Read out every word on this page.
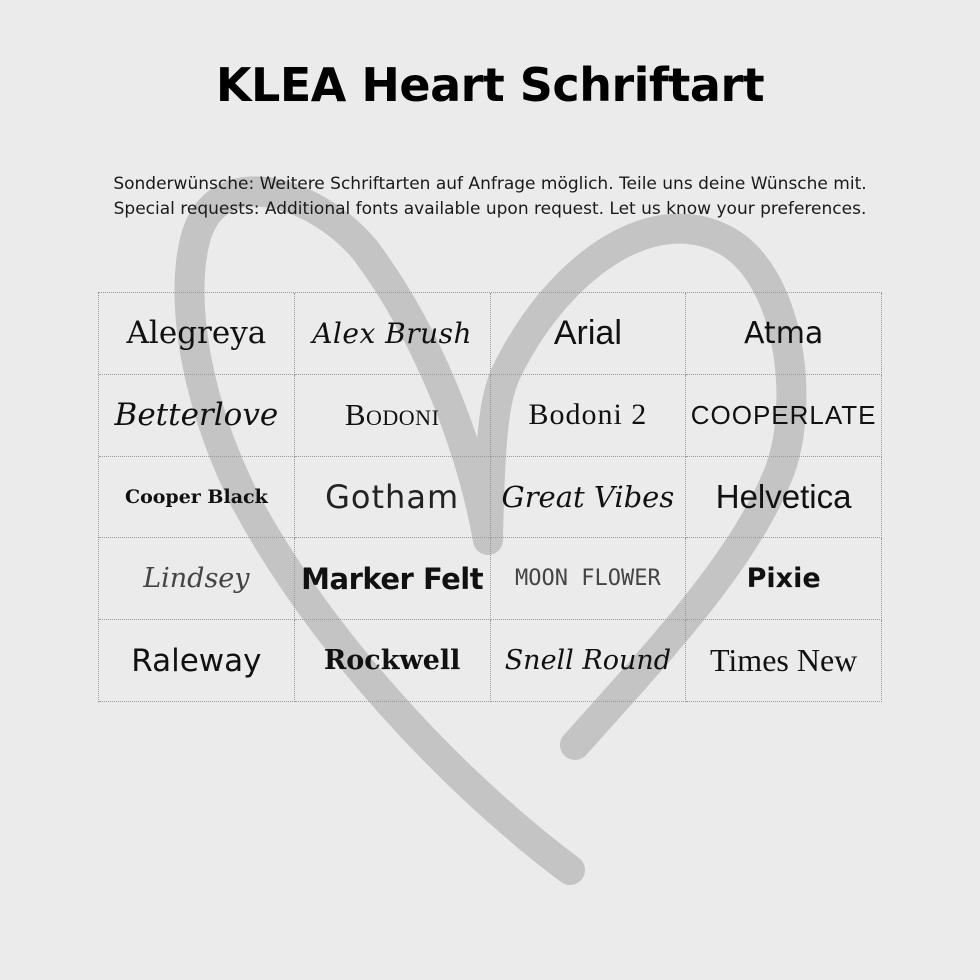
KLEA Heart Schriftart
Sonderwünsche: Weitere Schriftarten auf Anfrage möglich. Teile uns deine Wünsche mit.
Special requests: Additional fonts available upon request. Let us know your preferences.
Alegreya	Alex Brush	Arial	Atma
Betterlove	Bodoni	Bodoni 2	COOPERLATE
Cooper Black	Gotham	Great Vibes	Helvetica
Lindsey	Marker Felt	MOON FLOWER	Pixie
Raleway	Rockwell	Snell Round	Times New
